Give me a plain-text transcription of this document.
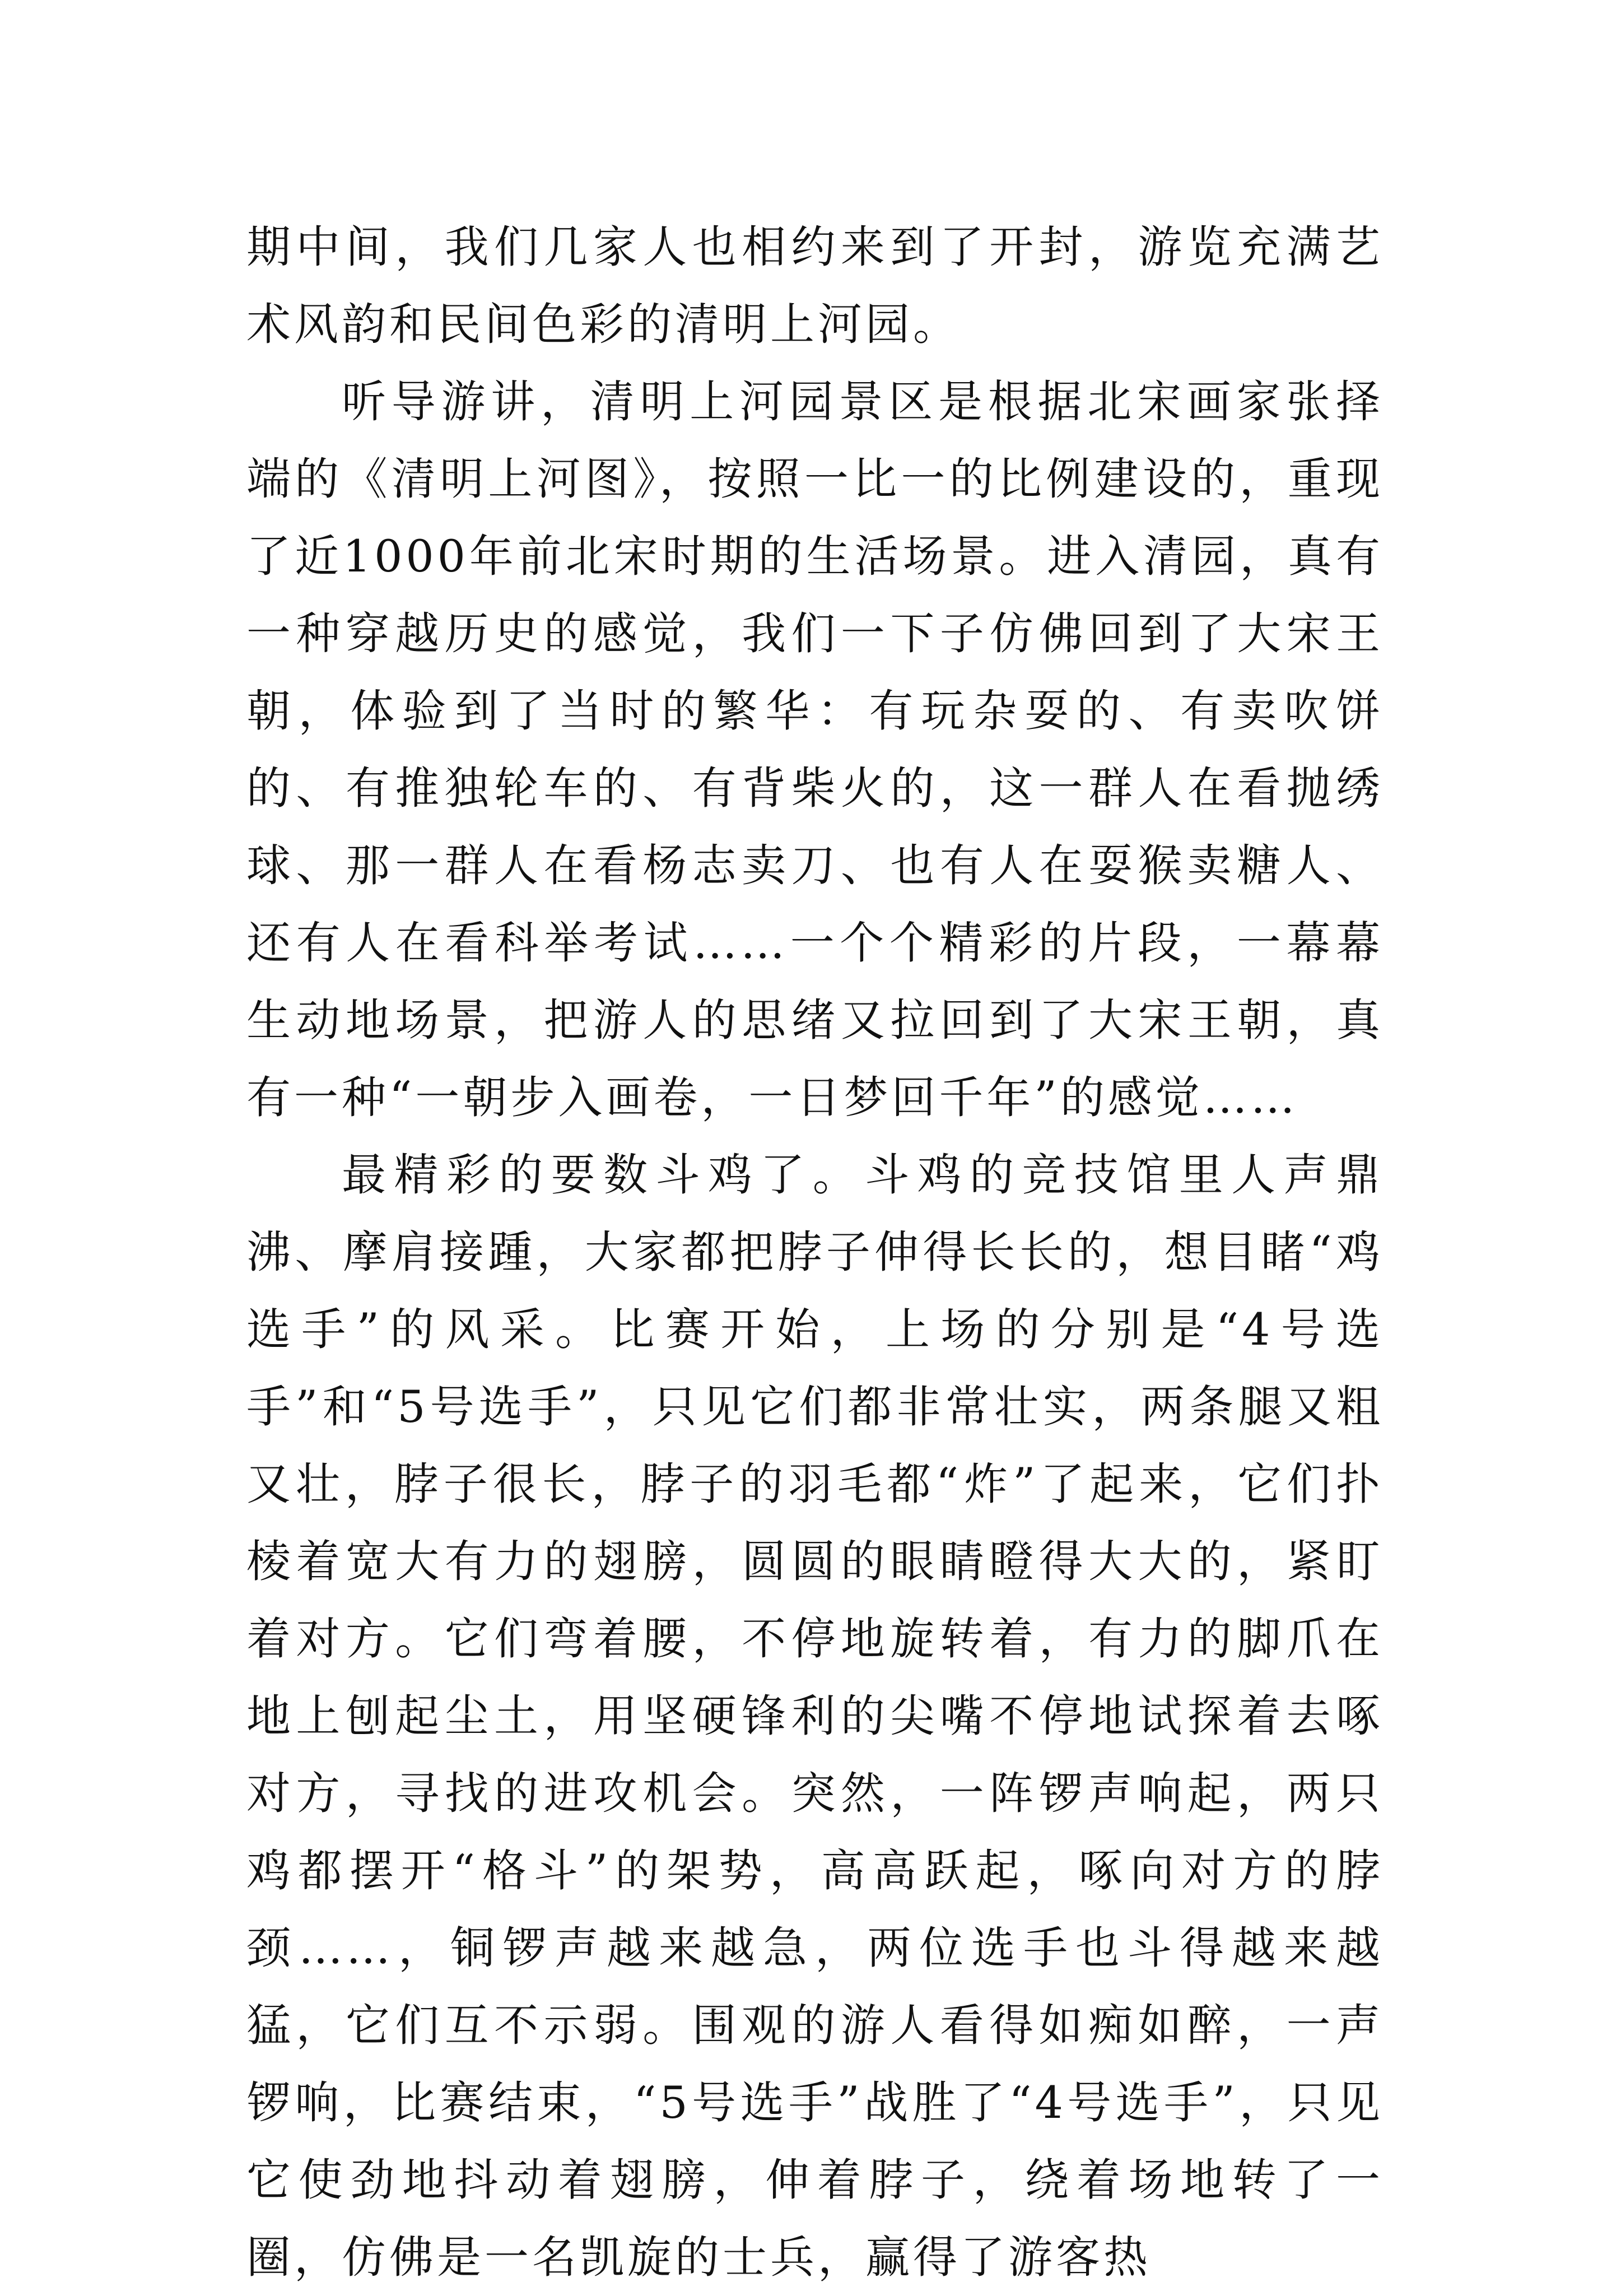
期中间，我们几家人也相约来到了开封，游览充满艺术风韵和民间色彩的清明上河园。

听导游讲，清明上河园景区是根据北宋画家张择端的《清明上河图》，按照一比一的比例建设的，重现了近1000年前北宋时期的生活场景。进入清园，真有一种穿越历史的感觉，我们一下子仿佛回到了大宋王朝，体验到了当时的繁华：有玩杂耍的、有卖吹饼的、有推独轮车的、有背柴火的，这一群人在看抛绣球、那一群人在看杨志卖刀、也有人在耍猴卖糖人、还有人在看科举考试……一个个精彩的片段，一幕幕生动地场景，把游人的思绪又拉回到了大宋王朝，真有一种“一朝步入画卷，一日梦回千年”的感觉……

最精彩的要数斗鸡了。斗鸡的竞技馆里人声鼎沸、摩肩接踵，大家都把脖子伸得长长的，想目睹“鸡选手”的风采。比赛开始，上场的分别是“4号选手”和“5号选手”，只见它们都非常壮实，两条腿又粗又壮，脖子很长，脖子的羽毛都“炸”了起来，它们扑棱着宽大有力的翅膀，圆圆的眼睛瞪得大大的，紧盯着对方。它们弯着腰，不停地旋转着，有力的脚爪在地上刨起尘土，用坚硬锋利的尖嘴不停地试探着去啄对方，寻找的进攻机会。突然，一阵锣声响起，两只鸡都摆开“格斗”的架势，高高跃起，啄向对方的脖颈……，铜锣声越来越急，两位选手也斗得越来越猛，它们互不示弱。围观的游人看得如痴如醉，一声锣响，比赛结束，“5号选手”战胜了“4号选手”，只见它使劲地抖动着翅膀，伸着脖子，绕着场地转了一圈，仿佛是一名凯旋的士兵，赢得了游客热
